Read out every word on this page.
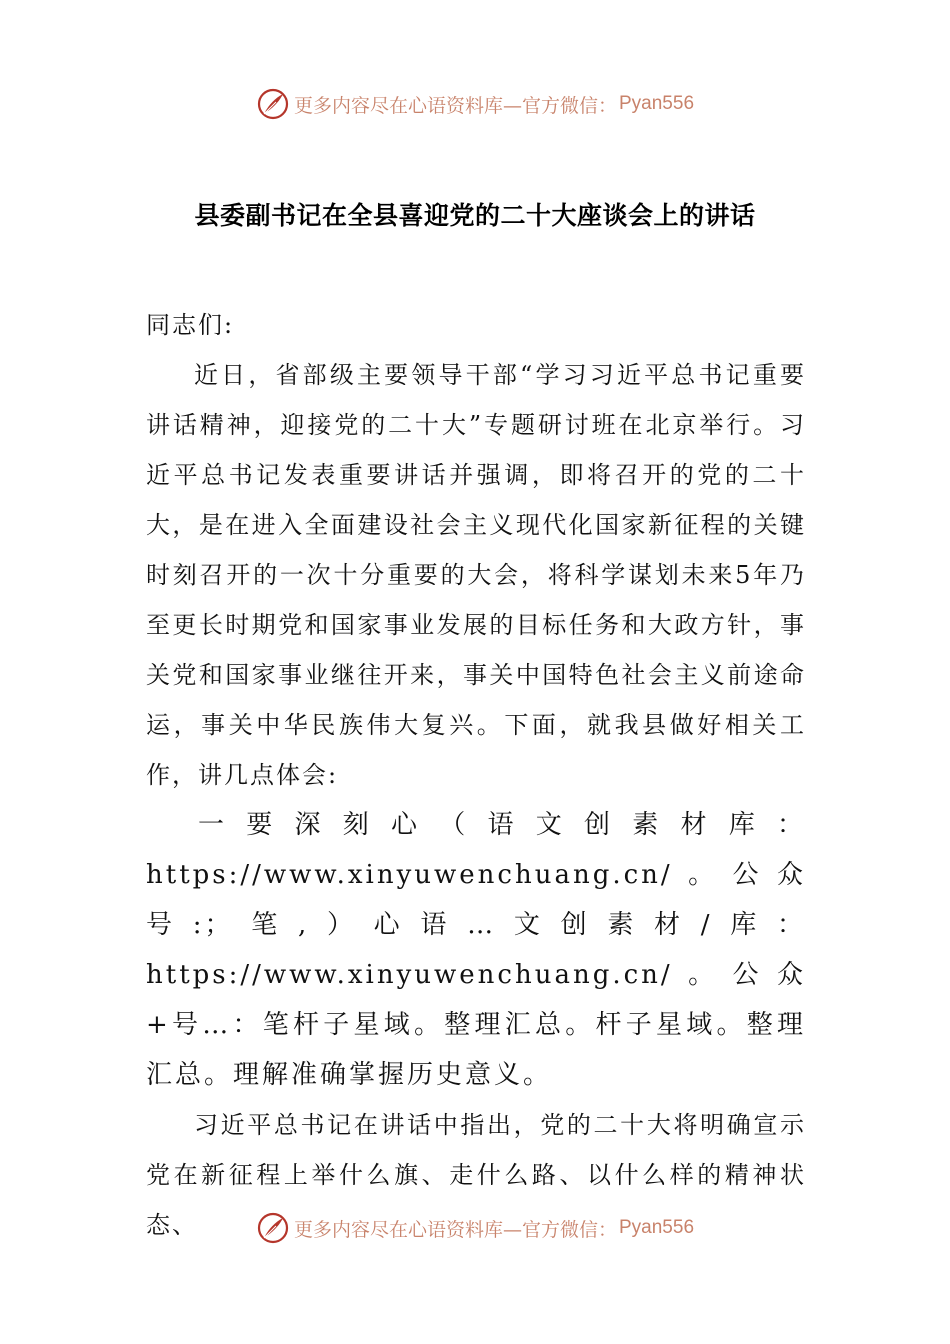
更多内容尽在心语资料库—官方微信： Pyan556
县委副书记在全县喜迎党的二十大座谈会上的讲话

同志们:

近日，省部级主要领导干部“学习习近平总书记重要讲话精神，迎接党的二十大”专题研讨班在北京举行。习近平总书记发表重要讲话并强调，即将召开的党的二十大，是在进入全面建设社会主义现代化国家新征程的关键时刻召开的一次十分重要的大会，将科学谋划未来5年乃至更长时期党和国家事业发展的目标任务和大政方针，事关党和国家事业继往开来，事关中国特色社会主义前途命运，事关中华民族伟大复兴。下面，就我县做好相关工作，讲几点体会:

一要深刻心（语文创素材库：https://www.xinyuwenchuang.cn/。公众号:；笔,）心语…文创素材/库：https://www.xinyuwenchuang.cn/。公众+号…：笔杆子星域。整理汇总。杆子星域。整理汇总。理解准确掌握历史意义。

习近平总书记在讲话中指出，党的二十大将明确宣示党在新征程上举什么旗、走什么路、以什么样的精神状态、	更多内容尽在心语资料库—官方微信： Pyan556
